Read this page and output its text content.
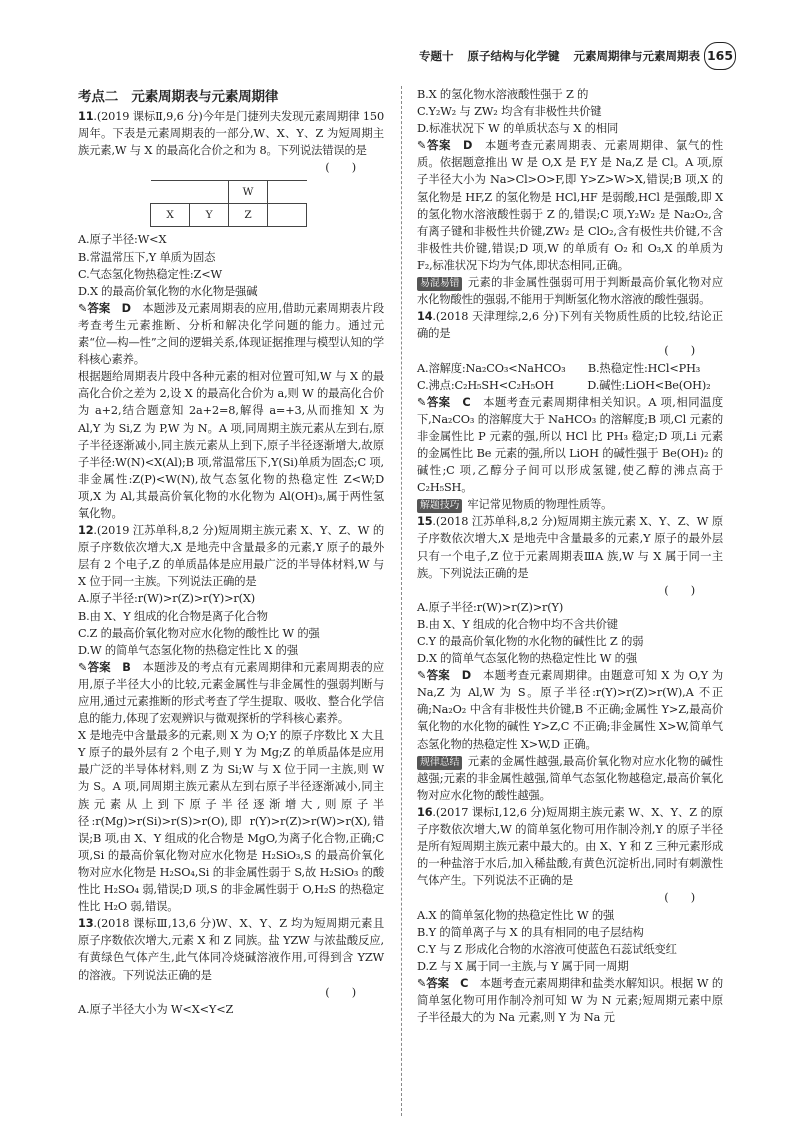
专题十 原子结构与化学键 元素周期律与元素周期表 165

考点二　元素周期表与元素周期律

11.(2019 课标Ⅱ,9,6 分)今年是门捷列夫发现元素周期律 150 周年。下表是元素周期表的一部分,W、X、Y、Z 为短周期主族元素,W 与 X 的最高化合价之和为 8。下列说法错误的是

(　　)

		W	
X	Y	Z	

A.原子半径:W<X

B.常温常压下,Y 单质为固态

C.气态氢化物热稳定性:Z<W

D.X 的最高价氧化物的水化物是强碱

✎答案　 D　 本题涉及元素周期表的应用,借助元素周期表片段考查考生元素推断、分析和解决化学问题的能力。通过元素“位—构—性”之间的逻辑关系,体现证据推理与模型认知的学科核心素养。

根据题给周期表片段中各种元素的相对位置可知,W 与 X 的最高化合价之差为 2,设 X 的最高化合价为 a,则 W 的最高化合价为 a+2,结合题意知 2a+2=8,解得 a=+3,从而推知 X 为 Al,Y 为 Si,Z 为 P,W 为 N。A 项,同周期主族元素从左到右,原子半径逐渐减小,同主族元素从上到下,原子半径逐渐增大,故原子半径:W(N)<X(Al);B 项,常温常压下,Y(Si)单质为固态;C 项,非金属性:Z(P)<W(N),故气态氢化物的热稳定性 Z<W;D 项,X 为 Al,其最高价氧化物的水化物为 Al(OH)₃,属于两性氢氧化物。

12.(2019 江苏单科,8,2 分)短周期主族元素 X、Y、Z、W 的原子序数依次增大,X 是地壳中含量最多的元素,Y 原子的最外层有 2 个电子,Z 的单质晶体是应用最广泛的半导体材料,W 与 X 位于同一主族。下列说法正确的是

A.原子半径:r(W)>r(Z)>r(Y)>r(X)

B.由 X、Y 组成的化合物是离子化合物

C.Z 的最高价氧化物对应水化物的酸性比 W 的强

D.W 的简单气态氢化物的热稳定性比 X 的强

✎答案　 B　 本题涉及的考点有元素周期律和元素周期表的应用,原子半径大小的比较,元素金属性与非金属性的强弱判断与应用,通过元素推断的形式考查了学生提取、吸收、整合化学信息的能力,体现了宏观辨识与微观探析的学科核心素养。

X 是地壳中含量最多的元素,则 X 为 O;Y 的原子序数比 X 大且 Y 原子的最外层有 2 个电子,则 Y 为 Mg;Z 的单质晶体是应用最广泛的半导体材料,则 Z 为 Si;W 与 X 位于同一主族,则 W 为 S。A 项,同周期主族元素从左到右原子半径逐渐减小,同主族元素从上到下原子半径逐渐增大,则原子半径:r(Mg)>r(Si)>r(S)>r(O),即 r(Y)>r(Z)>r(W)>r(X),错误;B 项,由 X、Y 组成的化合物是 MgO,为离子化合物,正确;C 项,Si 的最高价氧化物对应水化物是 H₂SiO₃,S 的最高价氧化物对应水化物是 H₂SO₄,Si 的非金属性弱于 S,故 H₂SiO₃ 的酸性比 H₂SO₄ 弱,错误;D 项,S 的非金属性弱于 O,H₂S 的热稳定性比 H₂O 弱,错误。

13.(2018 课标Ⅲ,13,6 分)W、X、Y、Z 均为短周期元素且原子序数依次增大,元素 X 和 Z 同族。盐 YZW 与浓盐酸反应,有黄绿色气体产生,此气体同冷烧碱溶液作用,可得到含 YZW 的溶液。下列说法正确的是

(　　)

A.原子半径大小为 W<X<Y<Z

B.X 的氢化物水溶液酸性强于 Z 的

C.Y₂W₂ 与 ZW₂ 均含有非极性共价键

D.标准状况下 W 的单质状态与 X 的相同

✎答案　 D　 本题考查元素周期表、元素周期律、氯气的性质。依据题意推出 W 是 O,X 是 F,Y 是 Na,Z 是 Cl。A 项,原子半径大小为 Na>Cl>O>F,即 Y>Z>W>X,错误;B 项,X 的氢化物是 HF,Z 的氢化物是 HCl,HF 是弱酸,HCl 是强酸,即 X 的氢化物水溶液酸性弱于 Z 的,错误;C 项,Y₂W₂ 是 Na₂O₂,含有离子键和非极性共价键,ZW₂ 是 ClO₂,含有极性共价键,不含非极性共价键,错误;D 项,W 的单质有 O₂ 和 O₃,X 的单质为 F₂,标准状况下均为气体,即状态相同,正确。

易混易错 元素的非金属性强弱可用于判断最高价氧化物对应水化物酸性的强弱,不能用于判断氢化物水溶液的酸性强弱。

14.(2018 天津理综,2,6 分)下列有关物质性质的比较,结论正确的是

(　　)

A.溶解度:Na₂CO₃<NaHCO₃　　B.热稳定性:HCl<PH₃

C.沸点:C₂H₅SH<C₂H₅OH　　　D.碱性:LiOH<Be(OH)₂

✎答案　 C　 本题考查元素周期律相关知识。A 项,相同温度下,Na₂CO₃ 的溶解度大于 NaHCO₃ 的溶解度;B 项,Cl 元素的非金属性比 P 元素的强,所以 HCl 比 PH₃ 稳定;D 项,Li 元素的金属性比 Be 元素的强,所以 LiOH 的碱性强于 Be(OH)₂ 的碱性;C 项,乙醇分子间可以形成氢键,使乙醇的沸点高于 C₂H₅SH。

解题技巧 牢记常见物质的物理性质等。

15.(2018 江苏单科,8,2 分)短周期主族元素 X、Y、Z、W 原子序数依次增大,X 是地壳中含量最多的元素,Y 原子的最外层只有一个电子,Z 位于元素周期表ⅢA 族,W 与 X 属于同一主族。下列说法正确的是

(　　)

A.原子半径:r(W)>r(Z)>r(Y)

B.由 X、Y 组成的化合物中均不含共价键

C.Y 的最高价氧化物的水化物的碱性比 Z 的弱

D.X 的简单气态氢化物的热稳定性比 W 的强

✎答案　 D　 本题考查元素周期律。由题意可知 X 为 O,Y 为 Na,Z 为 Al,W 为 S。原子半径:r(Y)>r(Z)>r(W),A 不正确;Na₂O₂ 中含有非极性共价键,B 不正确;金属性 Y>Z,最高价氧化物的水化物的碱性 Y>Z,C 不正确;非金属性 X>W,简单气态氢化物的热稳定性 X>W,D 正确。

规律总结 元素的金属性越强,最高价氧化物对应水化物的碱性越强;元素的非金属性越强,简单气态氢化物越稳定,最高价氧化物对应水化物的酸性越强。

16.(2017 课标Ⅰ,12,6 分)短周期主族元素 W、X、Y、Z 的原子序数依次增大,W 的简单氢化物可用作制冷剂,Y 的原子半径是所有短周期主族元素中最大的。由 X、Y 和 Z 三种元素形成的一种盐溶于水后,加入稀盐酸,有黄色沉淀析出,同时有刺激性气体产生。下列说法不正确的是

(　　)

A.X 的简单氢化物的热稳定性比 W 的强

B.Y 的简单离子与 X 的具有相同的电子层结构

C.Y 与 Z 形成化合物的水溶液可使蓝色石蕊试纸变红

D.Z 与 X 属于同一主族,与 Y 属于同一周期

✎答案　 C　 本题考查元素周期律和盐类水解知识。根据 W 的简单氢化物可用作制冷剂可知 W 为 N 元素;短周期元素中原子半径最大的为 Na 元素,则 Y 为 Na 元
